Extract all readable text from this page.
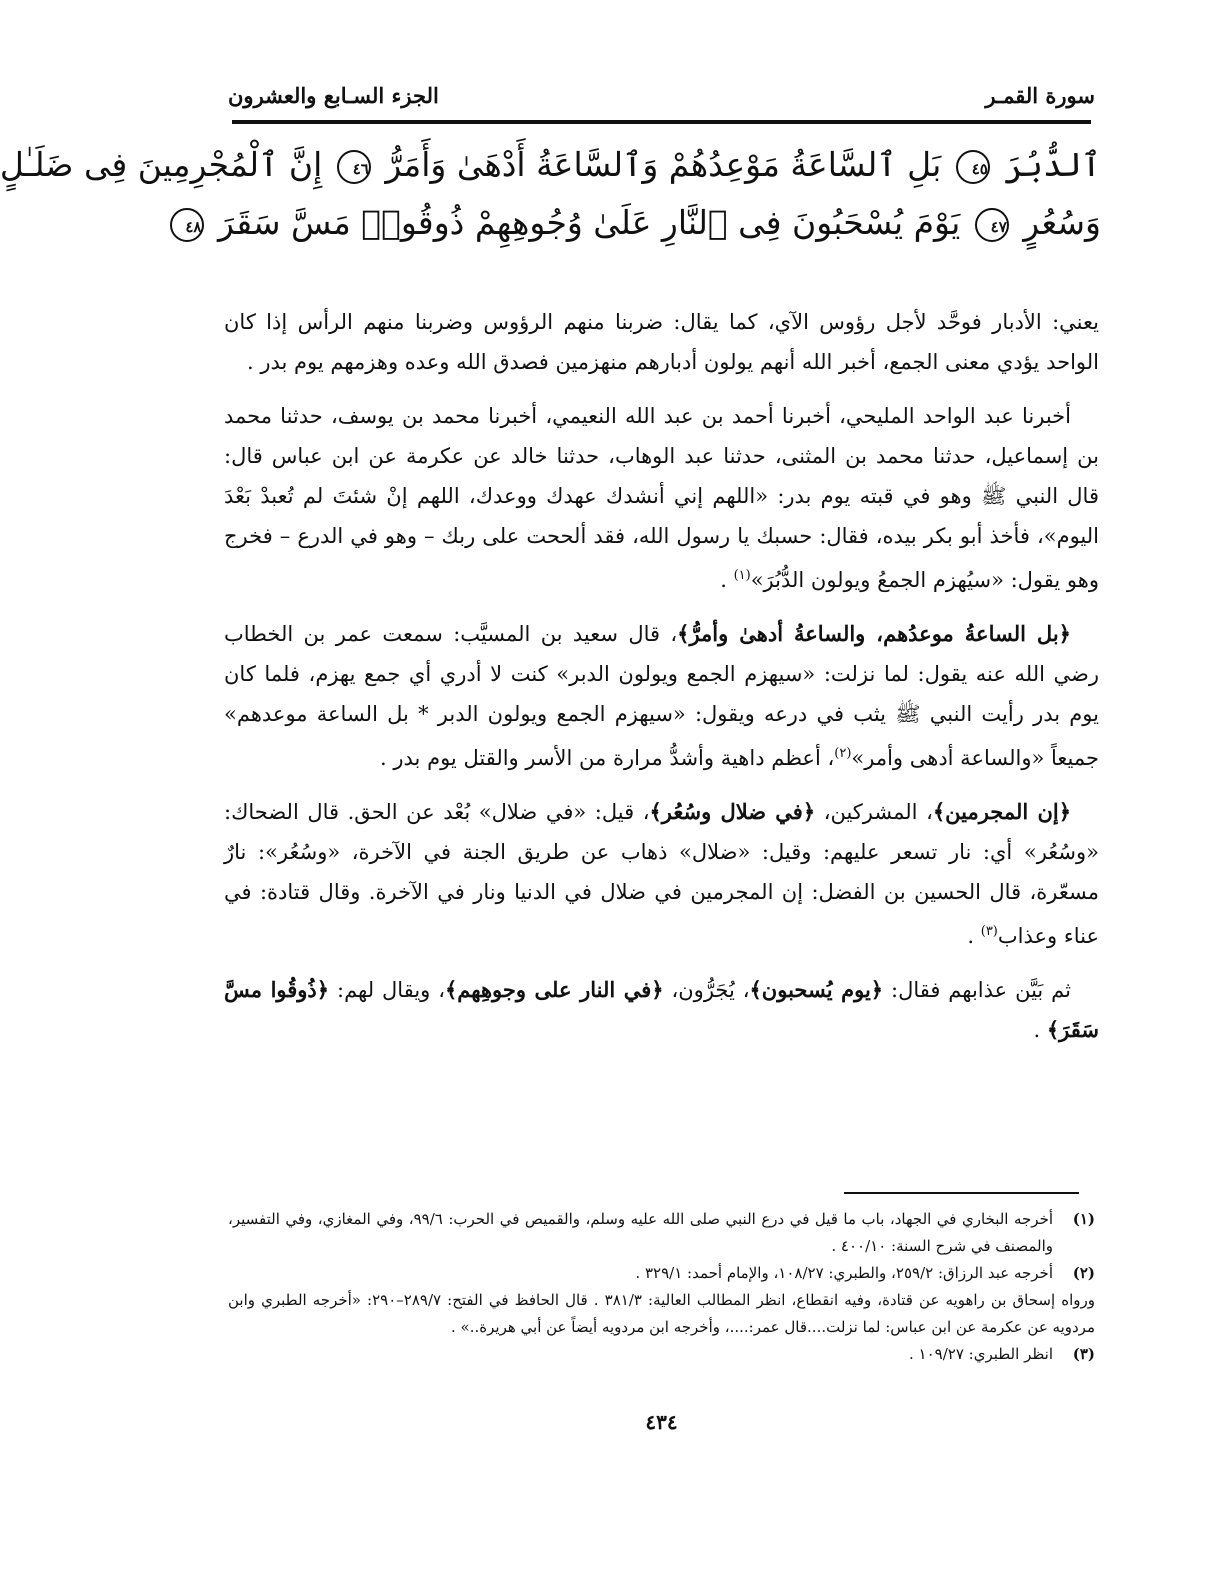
سورة القمـر
الجزء السـابع والعشرون
ٱلدُّبُرَ ٤٥ بَلِ ٱلسَّاعَةُ مَوْعِدُهُمْ وَٱلسَّاعَةُ أَدْهَىٰ وَأَمَرُّ ٤٦ إِنَّ ٱلْمُجْرِمِينَ فِى ضَلَـٰلٍ
وَسُعُرٍ ٤٧ يَوْمَ يُسْحَبُونَ فِى ٱلنَّارِ عَلَىٰ وُجُوهِهِمْ ذُوقُوا۟ مَسَّ سَقَرَ ٤٨

يعني: الأدبار فوحَّد لأجل رؤوس الآي، كما يقال: ضربنا منهم الرؤوس وضربنا منهم الرأس إذا كان الواحد يؤدي معنى الجمع، أخبر الله أنهم يولون أدبارهم منهزمين فصدق الله وعده وهزمهم يوم بدر .

أخبرنا عبد الواحد المليحي، أخبرنا أحمد بن عبد الله النعيمي، أخبرنا محمد بن يوسف، حدثنا محمد بن إسماعيل، حدثنا محمد بن المثنى، حدثنا عبد الوهاب، حدثنا خالد عن عكرمة عن ابن عباس قال: قال النبي ﷺ وهو في قبته يوم بدر: «اللهم إني أنشدك عهدك ووعدك، اللهم إنْ شئتَ لم تُعبدْ بَعْدَ اليوم»، فأخذ أبو بكر بيده، فقال: حسبك يا رسول الله، فقد ألححت على ربك – وهو في الدرع – فخرج وهو يقول: «سيُهزم الجمعُ ويولون الدُّبُرَ»$^{(١)}$ .

﴿بل الساعةُ موعدُهم، والساعةُ أدهىٰ وأمرُّ﴾، قال سعيد بن المسيَّب: سمعت عمر بن الخطاب رضي الله عنه يقول: لما نزلت: «سيهزم الجمع ويولون الدبر» كنت لا أدري أي جمع يهزم، فلما كان يوم بدر رأيت النبي ﷺ يثب في درعه ويقول: «سيهزم الجمع ويولون الدبر * بل الساعة موعدهم» جميعاً «والساعة أدهى وأمر»$^{(٢)}$، أعظم داهية وأشدُّ مرارة من الأسر والقتل يوم بدر .

﴿إن المجرمين﴾، المشركين، ﴿في ضلال وسُعُر﴾، قيل: «في ضلال» بُعْد عن الحق. قال الضحاك: «وسُعُر» أي: نار تسعر عليهم: وقيل: «ضلال» ذهاب عن طريق الجنة في الآخرة، «وسُعُر»: نارٌ مسعّرة، قال الحسين بن الفضل: إن المجرمين في ضلال في الدنيا ونار في الآخرة. وقال قتادة: في عناء وعذاب$^{(٣)}$ .

ثم بَيَّن عذابهم فقال: ﴿يوم يُسحبون﴾، يُجَرُّون، ﴿في النار على وجوهِهم﴾، ويقال لهم: ﴿ذُوقُوا مسَّ سَقَرَ﴾ .

(١)
أخرجه البخاري في الجهاد، باب ما قيل في درع النبي صلى الله عليه وسلم، والقميص في الحرب: ٩٩/٦، وفي المغازي، وفي التفسير، والمصنف في شرح السنة: ٤٠٠/١٠ .
(٢)
أخرجه عبد الرزاق: ٢٥٩/٢، والطبري: ١٠٨/٢٧، والإمام أحمد: ٣٢٩/١ .
ورواه إسحاق بن راهويه عن قتادة، وفيه انقطاع، انظر المطالب العالية: ٣٨١/٣ . قال الحافظ في الفتح: ٢٨٩/٧–٢٩٠: «أخرجه الطبري وابن مردويه عن عكرمة عن ابن عباس: لما نزلت....قال عمر:....، وأخرجه ابن مردويه أيضاً عن أبي هريرة..» .
(٣)
انظر الطبري: ١٠٩/٢٧ .
٤٣٤
